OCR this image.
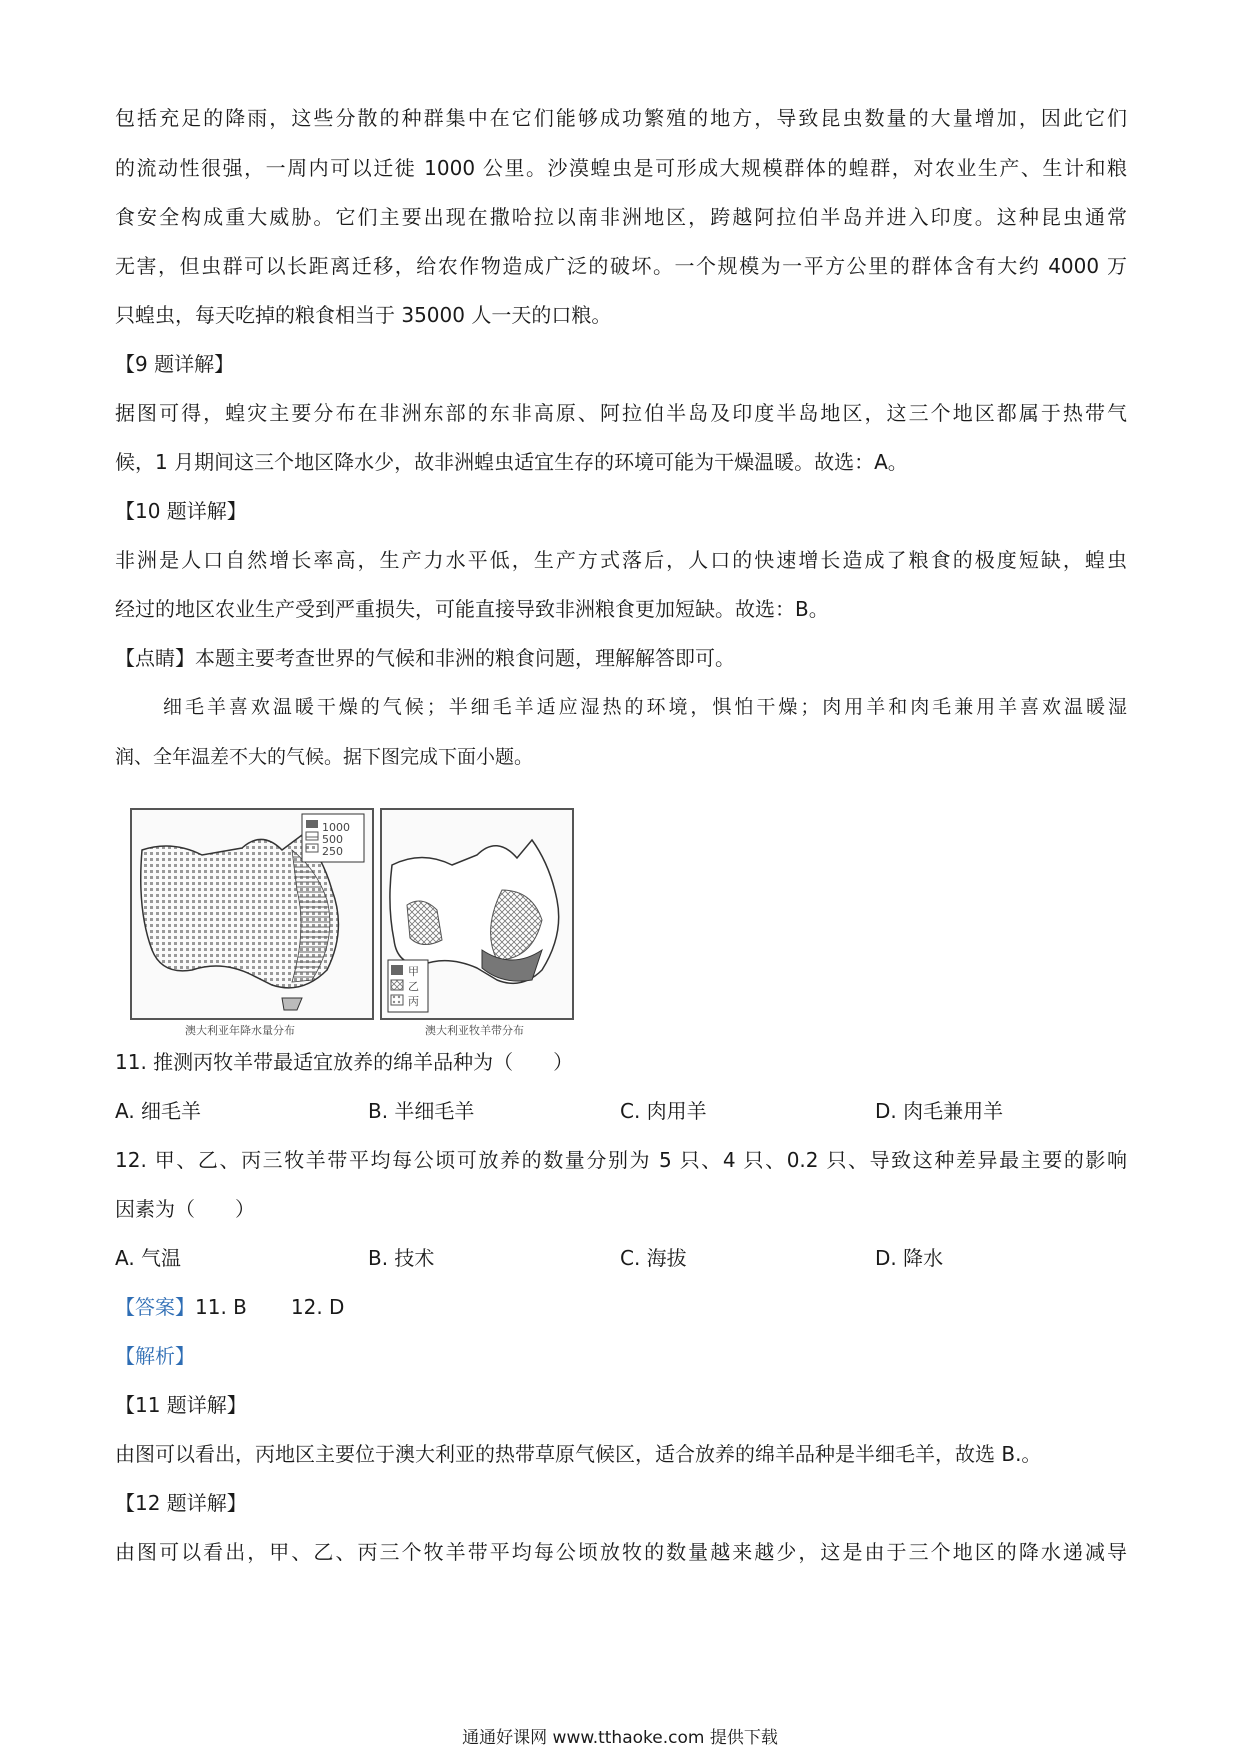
包括充足的降雨，这些分散的种群集中在它们能够成功繁殖的地方，导致昆虫数量的大量增加，因此它们
的流动性很强，一周内可以迁徙 1000 公里。沙漠蝗虫是可形成大规模群体的蝗群，对农业生产、生计和粮
食安全构成重大威胁。它们主要出现在撒哈拉以南非洲地区，跨越阿拉伯半岛并进入印度。这种昆虫通常
无害，但虫群可以长距离迁移，给农作物造成广泛的破坏。一个规模为一平方公里的群体含有大约 4000 万
只蝗虫，每天吃掉的粮食相当于 35000 人一天的口粮。
【9 题详解】
据图可得，蝗灾主要分布在非洲东部的东非高原、阿拉伯半岛及印度半岛地区，这三个地区都属于热带气
候，1 月期间这三个地区降水少，故非洲蝗虫适宜生存的环境可能为干燥温暖。故选：A。
【10 题详解】
非洲是人口自然增长率高，生产力水平低，生产方式落后，人口的快速增长造成了粮食的极度短缺，蝗虫
经过的地区农业生产受到严重损失，可能直接导致非洲粮食更加短缺。故选：B。
【点睛】本题主要考查世界的气候和非洲的粮食问题，理解解答即可。
细毛羊喜欢温暖干燥的气候；半细毛羊适应湿热的环境，惧怕干燥；肉用羊和肉毛兼用羊喜欢温暖湿
润、全年温差不大的气候。据下图完成下面小题。
1000
500
250
澳大利亚年降水量分布
甲
乙
丙
澳大利亚牧羊带分布
11. 推测丙牧羊带最适宜放养的绵羊品种为（　　）
A. 细毛羊	B. 半细毛羊	C. 肉用羊	D. 肉毛兼用羊
12. 甲、乙、丙三牧羊带平均每公顷可放养的数量分别为 5 只、4 只、0.2 只、导致这种差异最主要的影响
因素为（　　）
A. 气温	B. 技术	C. 海拔	D. 降水
【答案】11. B 12. D
【解析】
【11 题详解】
由图可以看出，丙地区主要位于澳大利亚的热带草原气候区，适合放养的绵羊品种是半细毛羊，故选 B.。
【12 题详解】
由图可以看出，甲、乙、丙三个牧羊带平均每公顷放牧的数量越来越少，这是由于三个地区的降水递减导
通通好课网 www.tthaoke.com 提供下载
